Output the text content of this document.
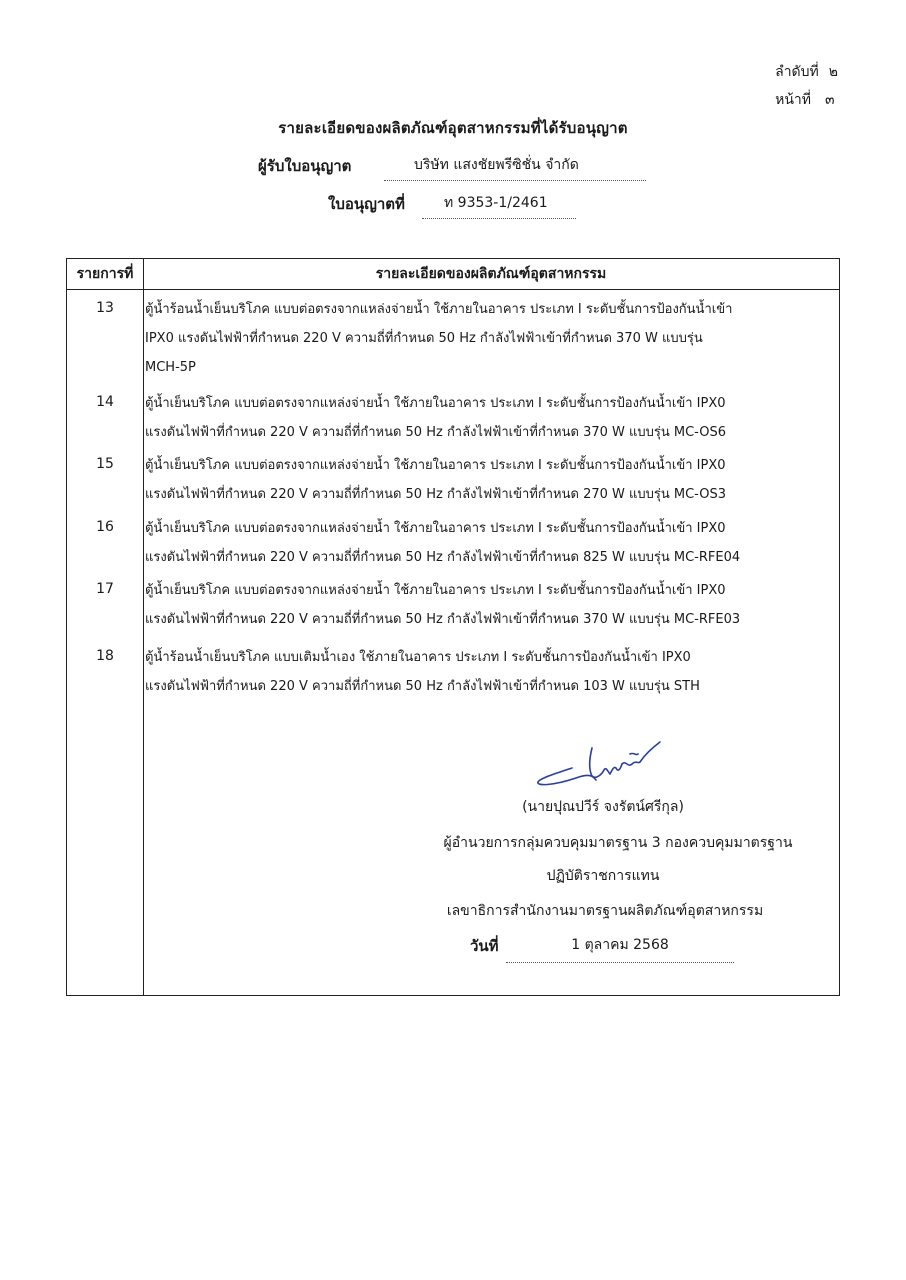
ลำดับที่ ๒
หน้าที่ ๓
รายละเอียดของผลิตภัณฑ์อุตสาหกรรมที่ได้รับอนุญาต
ผู้รับใบอนุญาต	บริษัท แสงชัยพรีซิชั่น จำกัด
ใบอนุญาตที่	ท 9353-1/2461
รายการที่	รายละเอียดของผลิตภัณฑ์อุตสาหกรรม
13	ตู้น้ำร้อนน้ำเย็นบริโภค แบบต่อตรงจากแหล่งจ่ายน้ำ ใช้ภายในอาคาร ประเภท I ระดับชั้นการป้องกันน้ำเข้า
IPX0 แรงดันไฟฟ้าที่กำหนด 220 V ความถี่ที่กำหนด 50 Hz กำลังไฟฟ้าเข้าที่กำหนด 370 W แบบรุ่น
MCH-5P
14	ตู้น้ำเย็นบริโภค แบบต่อตรงจากแหล่งจ่ายน้ำ ใช้ภายในอาคาร ประเภท I ระดับชั้นการป้องกันน้ำเข้า IPX0
แรงดันไฟฟ้าที่กำหนด 220 V ความถี่ที่กำหนด 50 Hz กำลังไฟฟ้าเข้าที่กำหนด 370 W แบบรุ่น MC-OS6
15	ตู้น้ำเย็นบริโภค แบบต่อตรงจากแหล่งจ่ายน้ำ ใช้ภายในอาคาร ประเภท I ระดับชั้นการป้องกันน้ำเข้า IPX0
แรงดันไฟฟ้าที่กำหนด 220 V ความถี่ที่กำหนด 50 Hz กำลังไฟฟ้าเข้าที่กำหนด 270 W แบบรุ่น MC-OS3
16	ตู้น้ำเย็นบริโภค แบบต่อตรงจากแหล่งจ่ายน้ำ ใช้ภายในอาคาร ประเภท I ระดับชั้นการป้องกันน้ำเข้า IPX0
แรงดันไฟฟ้าที่กำหนด 220 V ความถี่ที่กำหนด 50 Hz กำลังไฟฟ้าเข้าที่กำหนด 825 W แบบรุ่น MC-RFE04
17	ตู้น้ำเย็นบริโภค แบบต่อตรงจากแหล่งจ่ายน้ำ ใช้ภายในอาคาร ประเภท I ระดับชั้นการป้องกันน้ำเข้า IPX0
แรงดันไฟฟ้าที่กำหนด 220 V ความถี่ที่กำหนด 50 Hz กำลังไฟฟ้าเข้าที่กำหนด 370 W แบบรุ่น MC-RFE03
18	ตู้น้ำร้อนน้ำเย็นบริโภค แบบเติมน้ำเอง ใช้ภายในอาคาร ประเภท I ระดับชั้นการป้องกันน้ำเข้า IPX0
แรงดันไฟฟ้าที่กำหนด 220 V ความถี่ที่กำหนด 50 Hz กำลังไฟฟ้าเข้าที่กำหนด 103 W แบบรุ่น STH
(นายปุณปวีร์ จงรัตน์ศรีกุล)
ผู้อำนวยการกลุ่มควบคุมมาตรฐาน 3 กองควบคุมมาตรฐาน
ปฏิบัติราชการแทน
เลขาธิการสำนักงานมาตรฐานผลิตภัณฑ์อุตสาหกรรม
วันที่	1 ตุลาคม 2568
